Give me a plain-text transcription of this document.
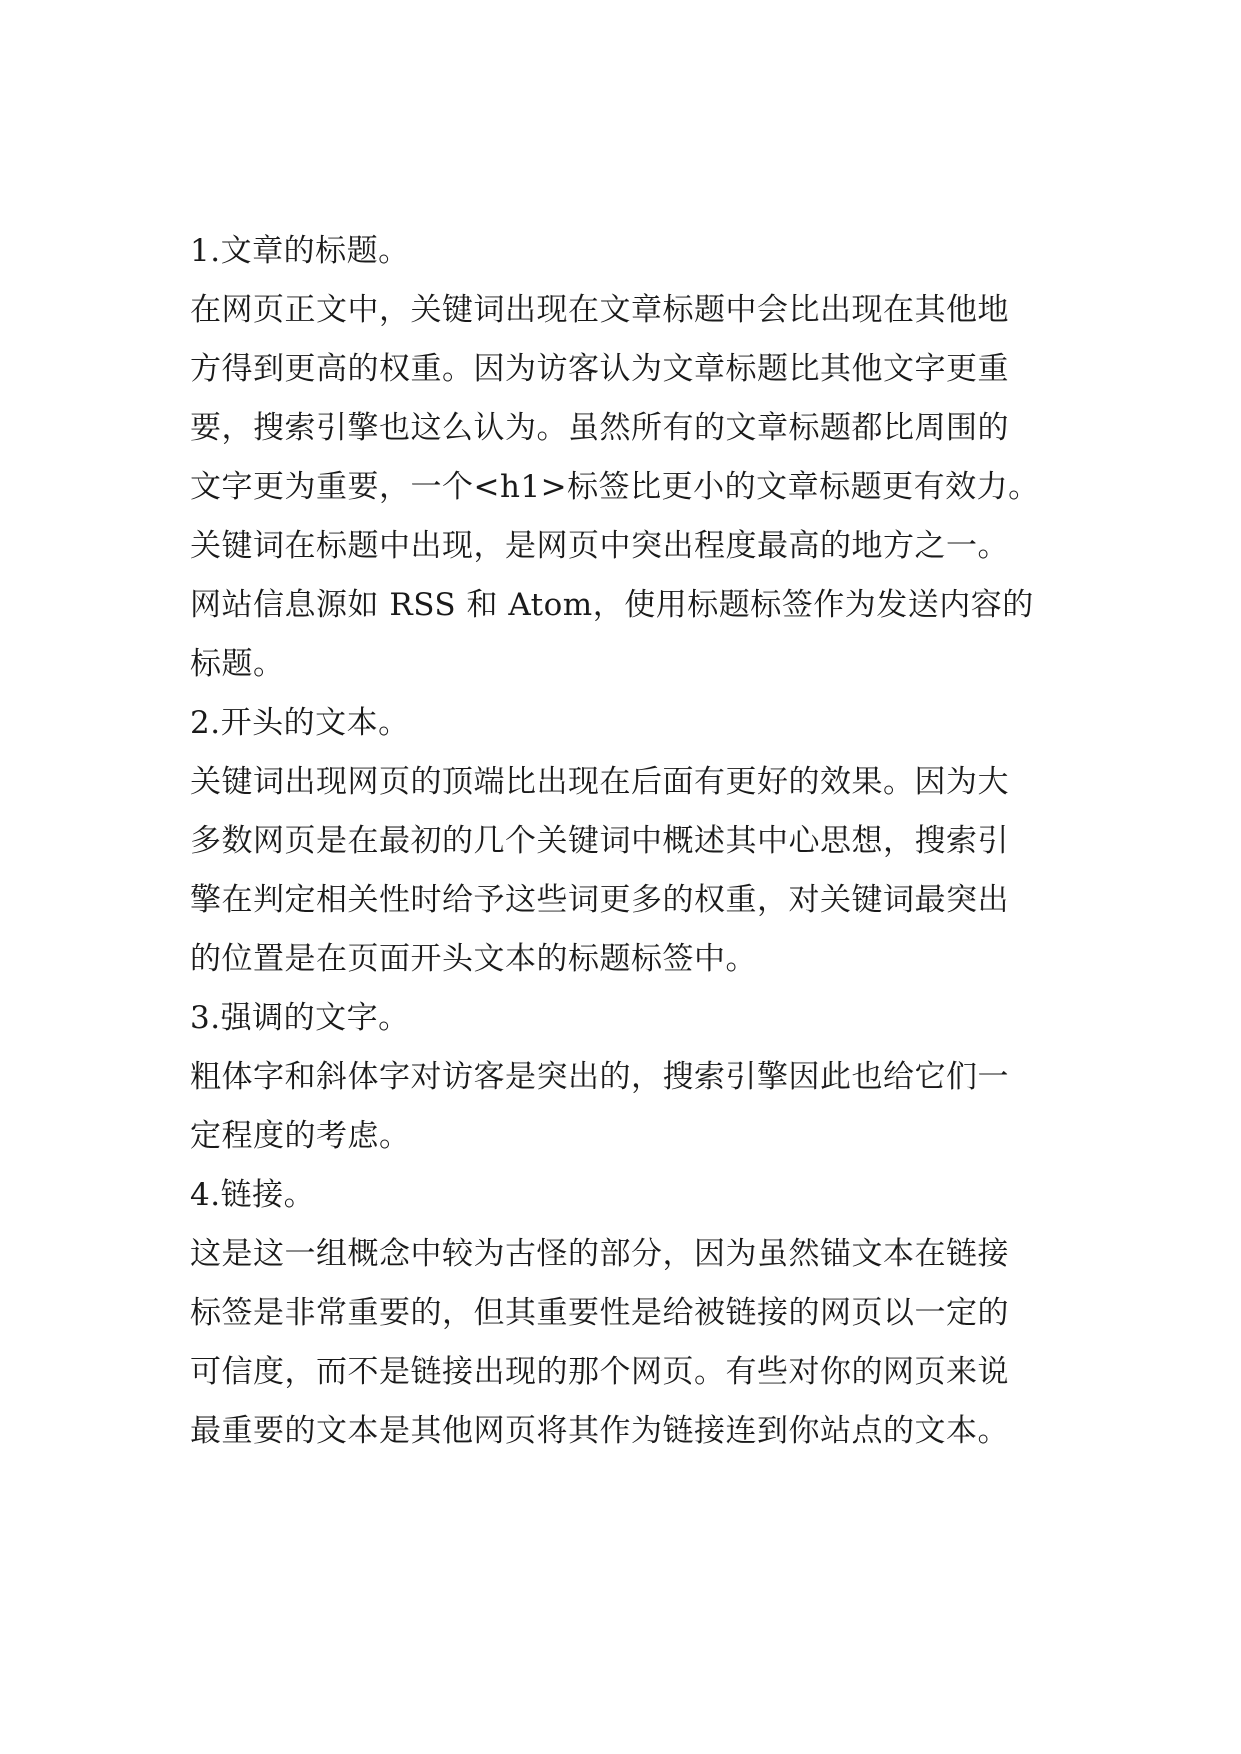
1.文章的标题。
在网页正文中，关键词出现在文章标题中会比出现在其他地
方得到更高的权重。因为访客认为文章标题比其他文字更重
要，搜索引擎也这么认为。虽然所有的文章标题都比周围的
文字更为重要，一个<h1>标签比更小的文章标题更有效力。
关键词在标题中出现，是网页中突出程度最高的地方之一。
网站信息源如 RSS 和 Atom，使用标题标签作为发送内容的
标题。
2.开头的文本。
关键词出现网页的顶端比出现在后面有更好的效果。因为大
多数网页是在最初的几个关键词中概述其中心思想，搜索引
擎在判定相关性时给予这些词更多的权重，对关键词最突出
的位置是在页面开头文本的标题标签中。
3.强调的文字。
粗体字和斜体字对访客是突出的，搜索引擎因此也给它们一
定程度的考虑。
4.链接。
这是这一组概念中较为古怪的部分，因为虽然锚文本在链接
标签是非常重要的，但其重要性是给被链接的网页以一定的
可信度，而不是链接出现的那个网页。有些对你的网页来说
最重要的文本是其他网页将其作为链接连到你站点的文本。
